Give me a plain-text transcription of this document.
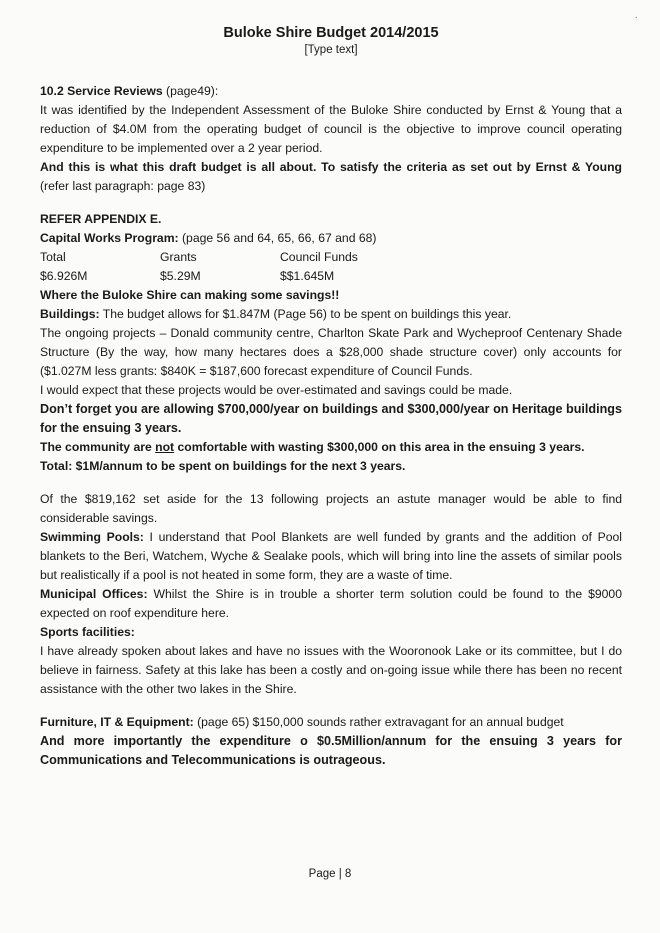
·
Buloke Shire Budget 2014/2015
[Type text]

10.2 Service Reviews (page49):

It was identified by the Independent Assessment of the Buloke Shire conducted by Ernst & Young that a reduction of $4.0M from the operating budget of council is the objective to improve council operating expenditure to be implemented over a 2 year period.

And this is what this draft budget is all about. To satisfy the criteria as set out by Ernst & Young (refer last paragraph: page 83)

REFER APPENDIX E.

Capital Works Program: (page 56 and 64, 65, 66, 67 and 68)

Total	Grants	Council Funds
$6.926M	$5.29M	$$1.645M

Where the Buloke Shire can making some savings!!

Buildings: The budget allows for $1.847M (Page 56) to be spent on buildings this year.

The ongoing projects – Donald community centre, Charlton Skate Park and Wycheproof Centenary Shade Structure (By the way, how many hectares does a $28,000 shade structure cover) only accounts for ($1.027M less grants: $840K = $187,600 forecast expenditure of Council Funds.

I would expect that these projects would be over-estimated and savings could be made.

Don’t forget you are allowing $700,000/year on buildings and $300,000/year on Heritage buildings for the ensuing 3 years.

The community are not comfortable with wasting $300,000 on this area in the ensuing 3 years.

Total: $1M/annum to be spent on buildings for the next 3 years.

Of the $819,162 set aside for the 13 following projects an astute manager would be able to find considerable savings.

Swimming Pools: I understand that Pool Blankets are well funded by grants and the addition of Pool blankets to the Beri, Watchem, Wyche & Sealake pools, which will bring into line the assets of similar pools but realistically if a pool is not heated in some form, they are a waste of time.

Municipal Offices: Whilst the Shire is in trouble a shorter term solution could be found to the $9000 expected on roof expenditure here.

Sports facilities:

I have already spoken about lakes and have no issues with the Wooronook Lake or its committee, but I do believe in fairness. Safety at this lake has been a costly and on-going issue while there has been no recent assistance with the other two lakes in the Shire.

Furniture, IT & Equipment: (page 65) $150,000 sounds rather extravagant for an annual budget

And more importantly the expenditure o $0.5Million/annum for the ensuing 3 years for Communications and Telecommunications is outrageous.

Page | 8
